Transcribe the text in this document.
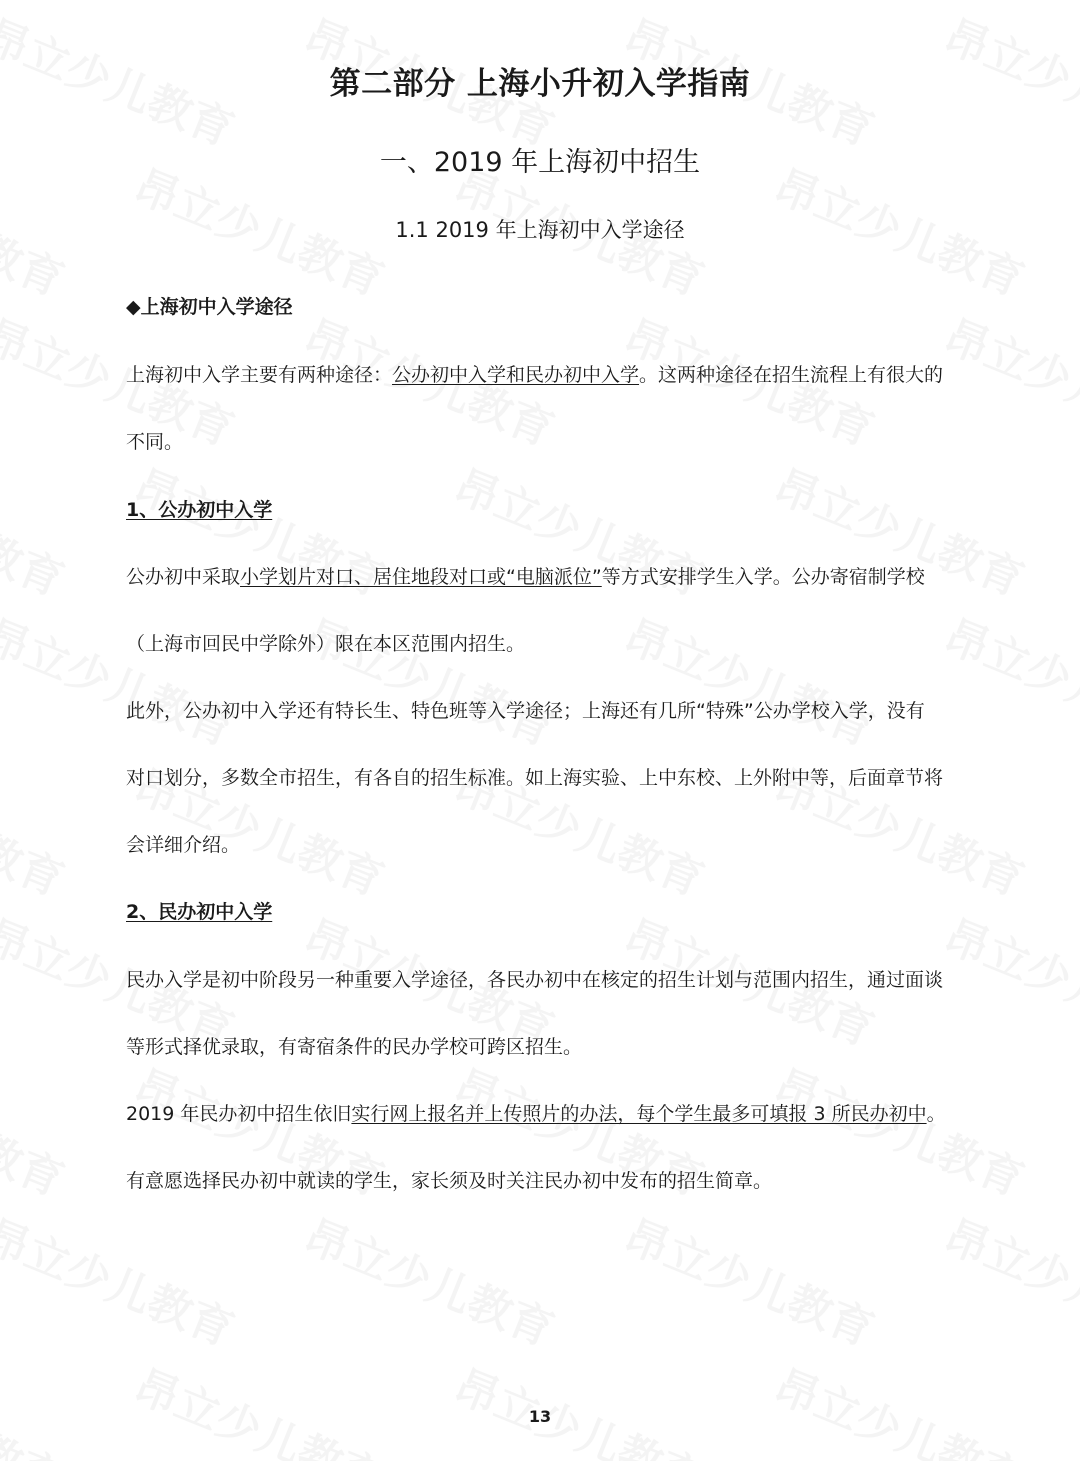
第二部分 上海小升初入学指南
一、2019 年上海初中招生
1.1 2019 年上海初中入学途径
◆上海初中入学途径
上海初中入学主要有两种途径：公办初中入学和民办初中入学。这两种途径在招生流程上有很大的
不同。
1、公办初中入学
公办初中采取小学划片对口、居住地段对口或“电脑派位”等方式安排学生入学。公办寄宿制学校
（上海市回民中学除外）限在本区范围内招生。
此外，公办初中入学还有特长生、特色班等入学途径；上海还有几所“特殊”公办学校入学，没有
对口划分，多数全市招生，有各自的招生标准。如上海实验、上中东校、上外附中等，后面章节将
会详细介绍。
2、民办初中入学
民办入学是初中阶段另一种重要入学途径，各民办初中在核定的招生计划与范围内招生，通过面谈
等形式择优录取，有寄宿条件的民办学校可跨区招生。
2019 年民办初中招生依旧实行网上报名并上传照片的办法，每个学生最多可填报 3 所民办初中。
有意愿选择民办初中就读的学生，家长须及时关注民办初中发布的招生简章。
13
